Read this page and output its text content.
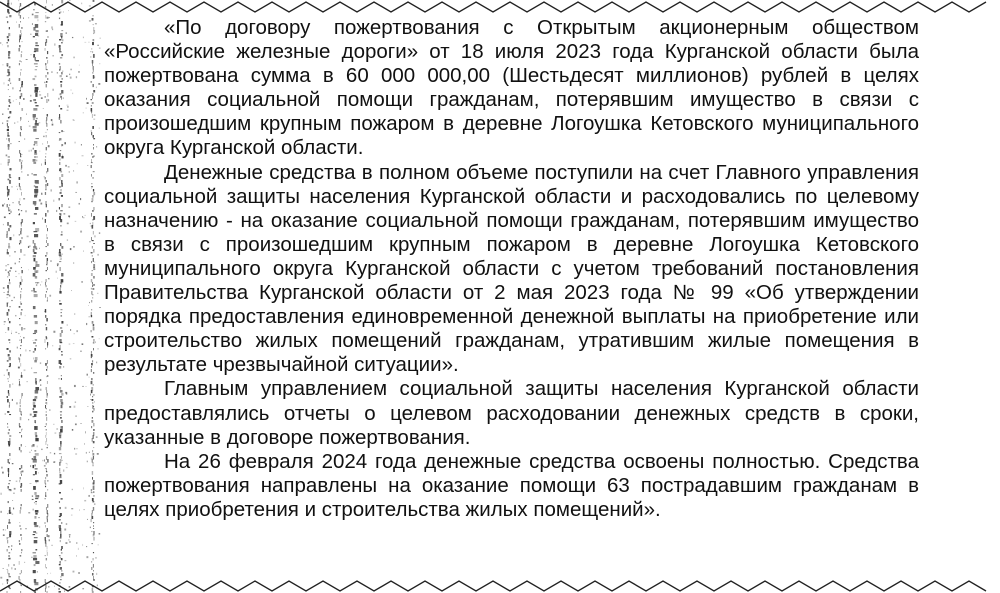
«По договору пожертвования с Открытым акционерным обществом «Российские железные дороги» от 18 июля 2023 года Курганской области была пожертвована сумма в 60 000 000,00 (Шестьдесят миллионов) рублей в целях оказания социальной помощи гражданам, потерявшим имущество в связи с произошедшим крупным пожаром в деревне Логоушка Кетовского муниципального округа Курганской области.

Денежные средства в полном объеме поступили на счет Главного управления социальной защиты населения Курганской области и расходовались по целевому назначению - на оказание социальной помощи гражданам, потерявшим имущество в связи с произошедшим крупным пожаром в деревне Логоушка Кетовского муниципального округа Курганской области с учетом требований постановления Правительства Курганской области от 2 мая 2023 года № 99 «Об утверждении порядка предоставления единовременной денежной выплаты на приобретение или строительство жилых помещений гражданам, утратившим жилые помещения в результате чрезвычайной ситуации».

Главным управлением социальной защиты населения Курганской области предоставлялись отчеты о целевом расходовании денежных средств в сроки, указанные в договоре пожертвования.

На 26 февраля 2024 года денежные средства освоены полностью. Средства пожертвования направлены на оказание помощи 63 пострадавшим гражданам в целях приобретения и строительства жилых помещений».
